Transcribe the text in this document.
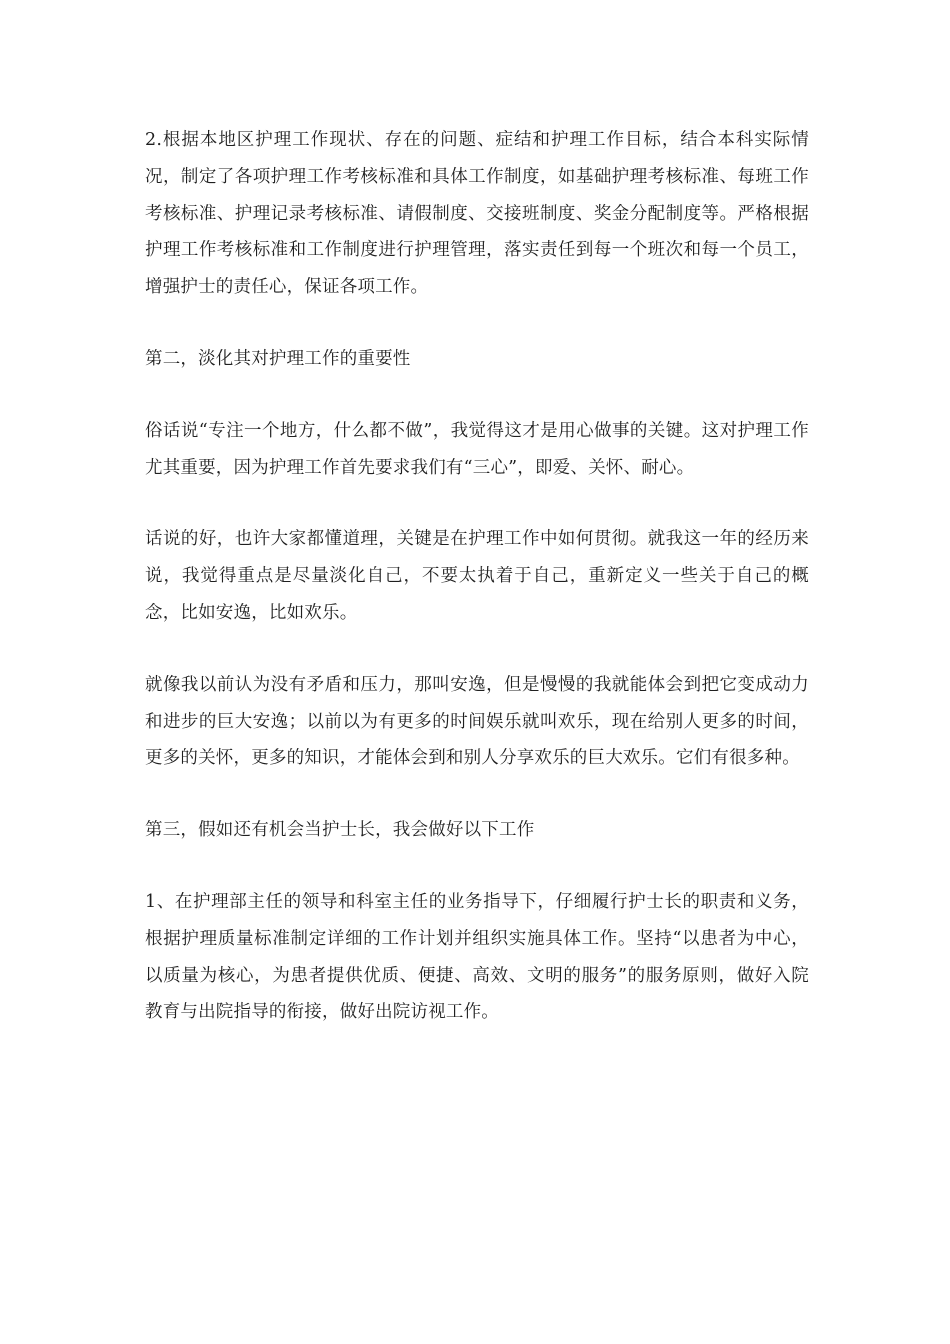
2.根据本地区护理工作现状、存在的问题、症结和护理工作目标，结合本科实际情况，制定了各项护理工作考核标准和具体工作制度，如基础护理考核标准、每班工作考核标准、护理记录考核标准、请假制度、交接班制度、奖金分配制度等。严格根据护理工作考核标准和工作制度进行护理管理，落实责任到每一个班次和每一个员工，增强护士的责任心，保证各项工作。

第二，淡化其对护理工作的重要性

俗话说“专注一个地方，什么都不做”，我觉得这才是用心做事的关键。这对护理工作尤其重要，因为护理工作首先要求我们有“三心”，即爱、关怀、耐心。

话说的好，也许大家都懂道理，关键是在护理工作中如何贯彻。就我这一年的经历来说，我觉得重点是尽量淡化自己，不要太执着于自己，重新定义一些关于自己的概念，比如安逸，比如欢乐。

就像我以前认为没有矛盾和压力，那叫安逸，但是慢慢的我就能体会到把它变成动力和进步的巨大安逸；以前以为有更多的时间娱乐就叫欢乐，现在给别人更多的时间，更多的关怀，更多的知识，才能体会到和别人分享欢乐的巨大欢乐。它们有很多种。

第三，假如还有机会当护士长，我会做好以下工作

1、在护理部主任的领导和科室主任的业务指导下，仔细履行护士长的职责和义务，根据护理质量标准制定详细的工作计划并组织实施具体工作。坚持“以患者为中心，以质量为核心，为患者提供优质、便捷、高效、文明的服务”的服务原则，做好入院教育与出院指导的衔接，做好出院访视工作。
